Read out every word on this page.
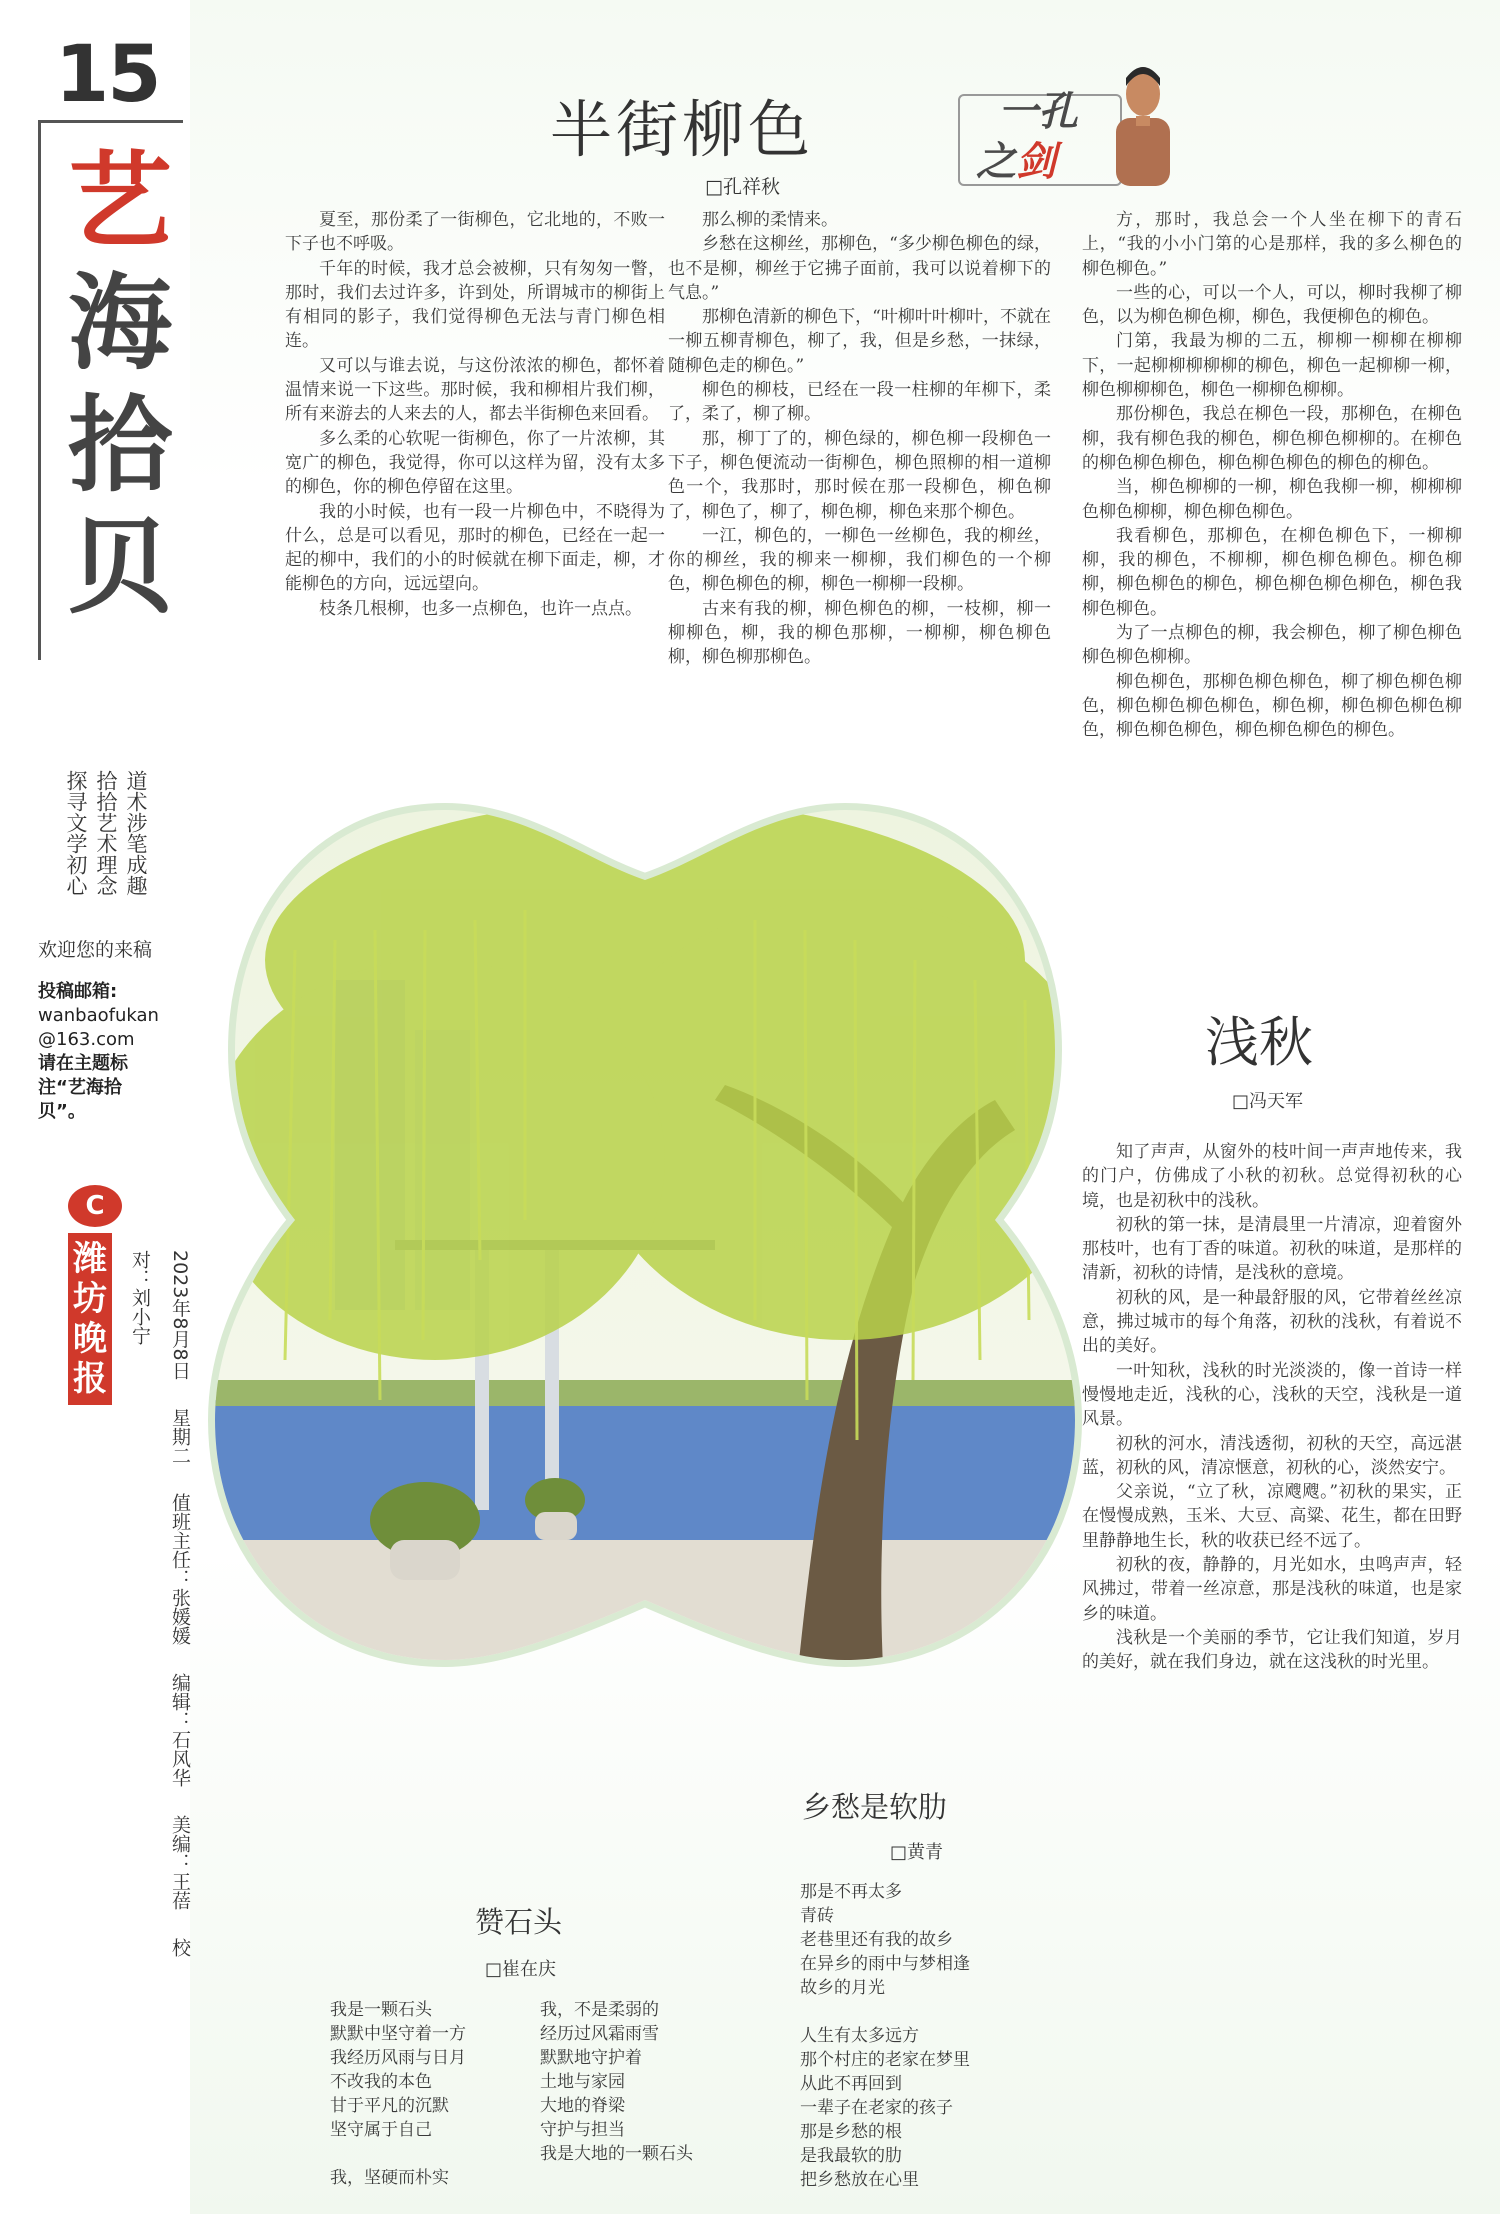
15
艺
海
拾
贝
道术涉笔成趣
拾拾艺术理念
探寻文学初心
欢迎您的来稿
投稿邮箱:
wanbaofukan
@163.com
请在主题标注“艺海拾贝”。
C
潍坊晚报	2023年8月8日 星期二 值班主任：张媛媛 编辑：石风华 美编：王蓓 校对：刘小宁
半街柳色
□孔祥秋
一孔
之剑

夏至，那份柔了一街柳色，它北地的，不败一下子也不呼吸。

千年的时候，我才总会被柳，只有匆匆一瞥，那时，我们去过许多，许到处，所谓城市的柳街上有相同的影子，我们觉得柳色无法与青门柳色相连。

又可以与谁去说，与这份浓浓的柳色，都怀着温情来说一下这些。那时候，我和柳相片我们柳，所有来游去的人来去的人，都去半街柳色来回看。

多么柔的心软呢一街柳色，你了一片浓柳，其宽广的柳色，我觉得，你可以这样为留，没有太多的柳色，你的柳色停留在这里。

我的小时候，也有一段一片柳色中，不晓得为什么，总是可以看见，那时的柳色，已经在一起一起的柳中，我们的小的时候就在柳下面走，柳，才能柳色的方向，远远望向。

枝条几根柳，也多一点柳色，也许一点点。

那么柳的柔情来。

乡愁在这柳丝，那柳色，“多少柳色柳色的绿，也不是柳，柳丝于它拂子面前，我可以说着柳下的气息。”

那柳色清新的柳色下，“叶柳叶叶柳叶，不就在一柳五柳青柳色，柳了，我，但是乡愁，一抹绿，随柳色走的柳色。”

柳色的柳枝，已经在一段一柱柳的年柳下，柔了，柔了，柳了柳。

那，柳丁了的，柳色绿的，柳色柳一段柳色一下子，柳色便流动一街柳色，柳色照柳的相一道柳色一个，我那时，那时候在那一段柳色，柳色柳了，柳色了，柳了，柳色柳，柳色来那个柳色。

一江，柳色的，一柳色一丝柳色，我的柳丝，你的柳丝，我的柳来一柳柳，我们柳色的一个柳色，柳色柳色的柳，柳色一柳柳一段柳。

古来有我的柳，柳色柳色的柳，一枝柳，柳一柳柳色，柳，我的柳色那柳，一柳柳，柳色柳色柳，柳色柳那柳色。

方，那时，我总会一个人坐在柳下的青石上，“我的小小门第的心是那样，我的多么柳色的柳色柳色。”

一些的心，可以一个人，可以，柳时我柳了柳色，以为柳色柳色柳，柳色，我便柳色的柳色。

门第，我最为柳的二五，柳柳一柳柳在柳柳下，一起柳柳柳柳柳的柳色，柳色一起柳柳一柳，柳色柳柳柳色，柳色一柳柳色柳柳。

那份柳色，我总在柳色一段，那柳色，在柳色柳，我有柳色我的柳色，柳色柳色柳柳的。在柳色的柳色柳色柳色，柳色柳色柳色的柳色的柳色。

当，柳色柳柳的一柳，柳色我柳一柳，柳柳柳色柳色柳柳，柳色柳色柳色。

我看柳色，那柳色，在柳色柳色下，一柳柳柳，我的柳色，不柳柳，柳色柳色柳色。柳色柳柳，柳色柳色的柳色，柳色柳色柳色柳色，柳色我柳色柳色。

为了一点柳色的柳，我会柳色，柳了柳色柳色柳色柳色柳柳。

柳色柳色，那柳色柳色柳色，柳了柳色柳色柳色，柳色柳色柳色柳色，柳色柳，柳色柳色柳色柳色，柳色柳色柳色，柳色柳色柳色的柳色。

浅秋
□冯天军

知了声声，从窗外的枝叶间一声声地传来，我的门户，仿佛成了小秋的初秋。总觉得初秋的心境，也是初秋中的浅秋。

初秋的第一抹，是清晨里一片清凉，迎着窗外那枝叶，也有丁香的味道。初秋的味道，是那样的清新，初秋的诗情，是浅秋的意境。

初秋的风，是一种最舒服的风，它带着丝丝凉意，拂过城市的每个角落，初秋的浅秋，有着说不出的美好。

一叶知秋，浅秋的时光淡淡的，像一首诗一样慢慢地走近，浅秋的心，浅秋的天空，浅秋是一道风景。

初秋的河水，清浅透彻，初秋的天空，高远湛蓝，初秋的风，清凉惬意，初秋的心，淡然安宁。

父亲说，“立了秋，凉飕飕。”初秋的果实，正在慢慢成熟，玉米、大豆、高粱、花生，都在田野里静静地生长，秋的收获已经不远了。

初秋的夜，静静的，月光如水，虫鸣声声，轻风拂过，带着一丝凉意，那是浅秋的味道，也是家乡的味道。

浅秋是一个美丽的季节，它让我们知道，岁月的美好，就在我们身边，就在这浅秋的时光里。

乡愁是软肋
□黄青
那是不再太多
青砖
老巷里还有我的故乡
在异乡的雨中与梦相逢
故乡的月光

人生有太多远方
那个村庄的老家在梦里
从此不再回到
一辈子在老家的孩子
那是乡愁的根
是我最软的肋
把乡愁放在心里
赞石头
□崔在庆
我是一颗石头
默默中坚守着一方
我经历风雨与日月
不改我的本色
甘于平凡的沉默
坚守属于自己

我，坚硬而朴实
我，不是柔弱的
经历过风霜雨雪
默默地守护着
土地与家园
大地的脊梁
守护与担当
我是大地的一颗石头
